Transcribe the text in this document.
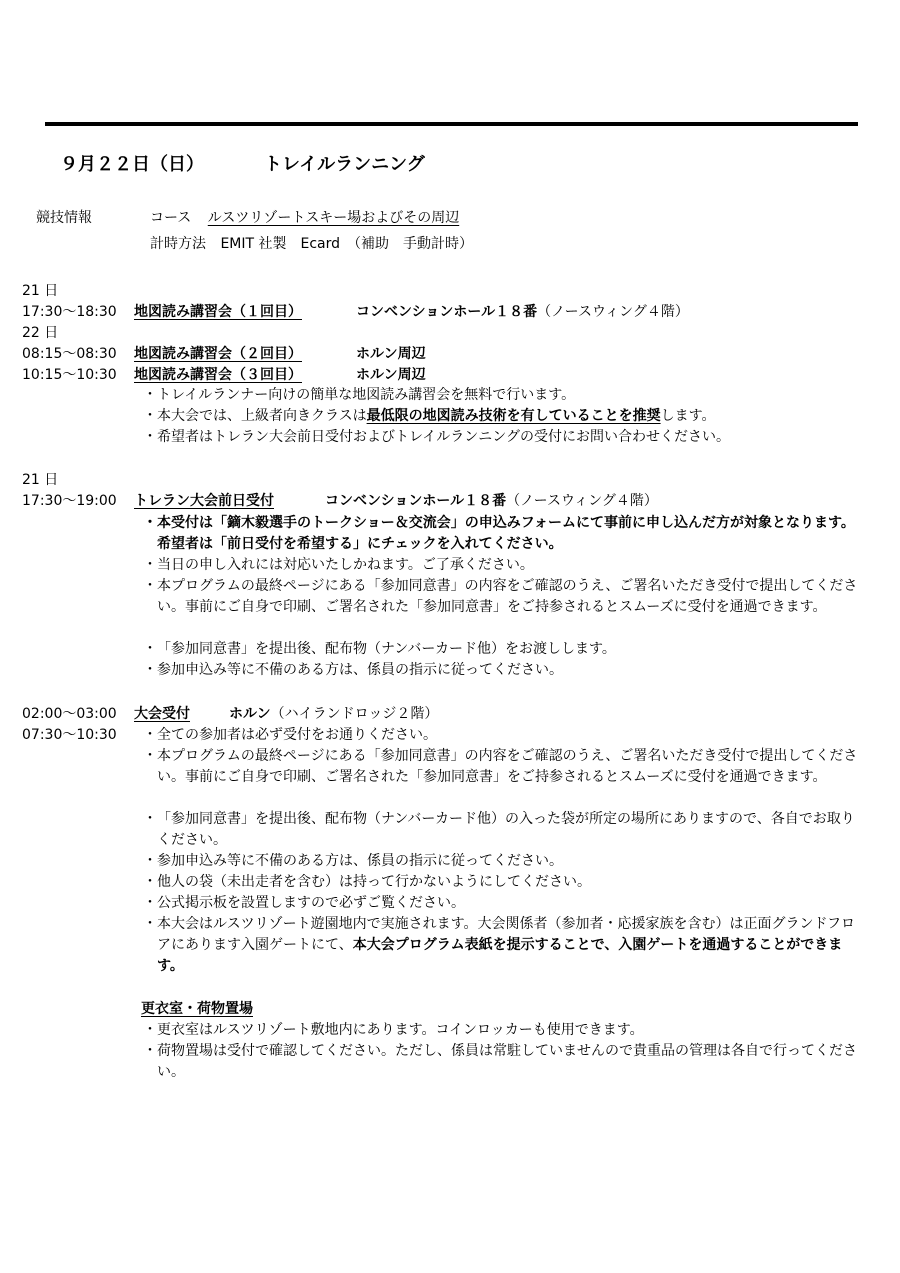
９月２２日（日）	トレイルランニング
競技情報	コース ルスツリゾートスキー場およびその周辺
計時方法 EMIT 社製　Ecard　（補助　手動計時）
21 日
17:30～18:30 地図読み講習会（１回目）	コンベンションホール１８番（ノースウィング４階）
22 日
08:15～08:30 地図読み講習会（２回目）	ホルン周辺
10:15～10:30 地図読み講習会（３回目）	ホルン周辺
・ トレイルランナー向けの簡単な地図読み講習会を無料で行います。
・ 本大会では、上級者向きクラスは最低限の地図読み技術を有していることを推奨します。
・ 希望者はトレラン大会前日受付およびトレイルランニングの受付にお問い合わせください。
21 日
17:30～19:00 トレラン大会前日受付	コンベンションホール１８番（ノースウィング４階）
・ 本受付は「鏑木毅選手のトークショー＆交流会」の申込みフォームにて事前に申し込んだ方が対象となります。希望者は「前日受付を希望する」にチェックを入れてください。
・ 当日の申し入れには対応いたしかねます。ご了承ください。
・ 本プログラムの最終ページにある「参加同意書」の内容をご確認のうえ、ご署名いただき受付で提出してください。事前にご自身で印刷、ご署名された「参加同意書」をご持参されるとスムーズに受付を通過できます。
・ 「参加同意書」を提出後、配布物（ナンバーカード他）をお渡しします。
・ 参加申込み等に不備のある方は、係員の指示に従ってください。
02:00～03:00 大会受付	ホルン（ハイランドロッジ２階）
07:30～10:30 ・ 全ての参加者は必ず受付をお通りください。
・ 本プログラムの最終ページにある「参加同意書」の内容をご確認のうえ、ご署名いただき受付で提出してください。事前にご自身で印刷、ご署名された「参加同意書」をご持参されるとスムーズに受付を通過できます。
・ 「参加同意書」を提出後、配布物（ナンバーカード他）の入った袋が所定の場所にありますので、各自でお取りください。
・ 参加申込み等に不備のある方は、係員の指示に従ってください。
・ 他人の袋（未出走者を含む）は持って行かないようにしてください。
・ 公式掲示板を設置しますので必ずご覧ください。
・ 本大会はルスツリゾート遊園地内で実施されます。大会関係者（参加者・応援家族を含む）は正面グランドフロアにあります入園ゲートにて、本大会プログラム表紙を提示することで、入園ゲートを通過することができます。
更衣室・荷物置場
・ 更衣室はルスツリゾート敷地内にあります。コインロッカーも使用できます。
・ 荷物置場は受付で確認してください。ただし、係員は常駐していませんので貴重品の管理は各自で行ってください。
